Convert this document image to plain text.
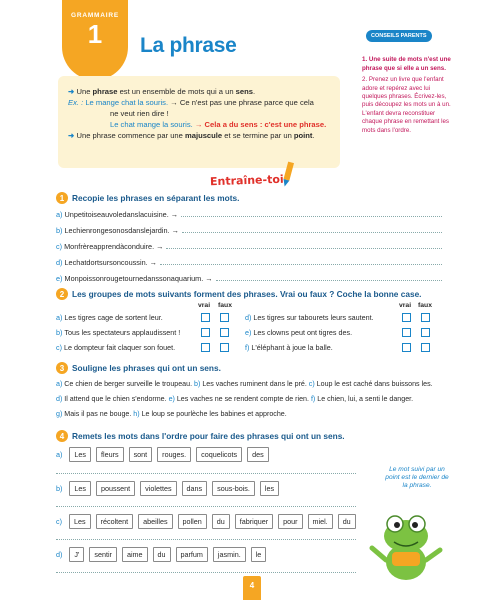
GRAMMAIRE
1	La phrase
➜ Une phrase est un ensemble de mots qui a un sens.
Ex. : Le mange chat la souris. → Ce n'est pas une phrase parce que cela
ne veut rien dire !
Le chat mange la souris. → Cela a du sens : c'est une phrase.
➜ Une phrase commence par une majuscule et se termine par un point.
CONSEILS PARENTS

1. Une suite de mots n'est une phrase que si elle a un sens.

2. Prenez un livre que l'enfant adore et repérez avec lui quelques phrases. Écrivez-les, puis découpez les mots un à un. L'enfant devra reconstituer chaque phrase en remettant les mots dans l'ordre.

Entraîne-toi
1 Recopie les phrases en séparant les mots.
a) Unpetitoiseauvoledanslacuisine. →
b) Lechienrongesonosdanslejardin. →
c) Monfrèreapprendàconduire. →
d) Lechatdortsursoncoussin. →
e) Monpoissonrougetournedanssonaquarium. →
2 Les groupes de mots suivants forment des phrases. Vrai ou faux ? Coche la bonne case.
vrai faux	vrai faux
a) Les tigres cage de sortent leur.
b) Tous les spectateurs applaudissent !
c) Le dompteur fait claquer son fouet.
d) Les tigres sur tabourets leurs sautent.
e) Les clowns peut ont tigres des.
f) L'éléphant à joue la balle.
3 Souligne les phrases qui ont un sens.
a) Ce chien de berger surveille le troupeau. b) Les vaches ruminent dans le pré. c) Loup le est caché dans buissons les.
d) Il attend que le chien s'endorme. e) Les vaches ne se rendent compte de rien. f) Le chien, lui, a senti le danger.
g) Mais il pas ne bouge. h) Le loup se pourlèche les babines et approche.
4 Remets les mots dans l'ordre pour faire des phrases qui ont un sens.
a)	Les	fleurs	sont	rouges.	coquelicots	des
b)	Les	poussent	violettes	dans	sous-bois.	les
c)	Les	récoltent	abeilles	pollen	du	fabriquer	pour	miel.	du
d)	J'	sentir	aime	du	parfum	jasmin.	le
Le mot suivi par un point est le dernier de la phrase.
4
